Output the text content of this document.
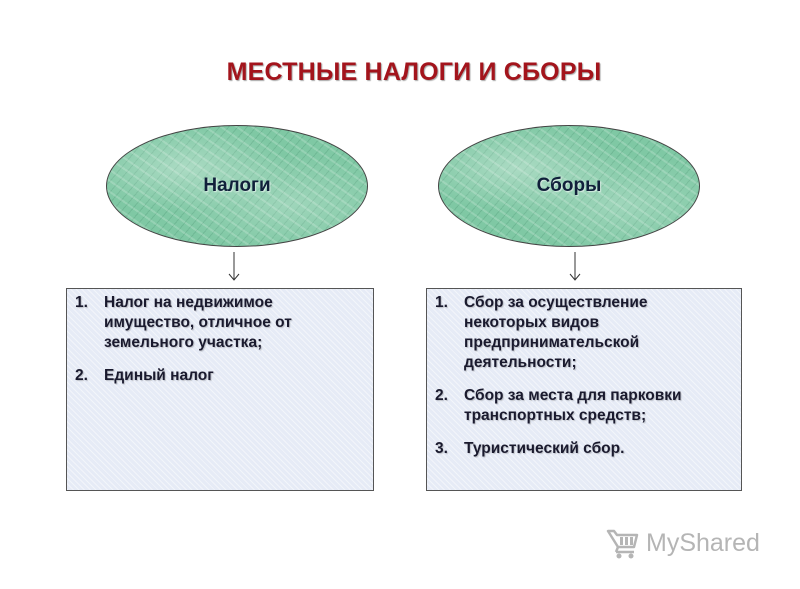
МЕСТНЫЕ НАЛОГИ И СБОРЫ
Налоги	Сборы
1.	Налог на недвижимое имущество, отличное от земельного участка;
2.	Единый налог
1.	Сбор за осуществление некоторых видов предпринимательской деятельности;
2.	Сбор за места для парковки транспортных средств;
3.	Туристический сбор.
MyShared
